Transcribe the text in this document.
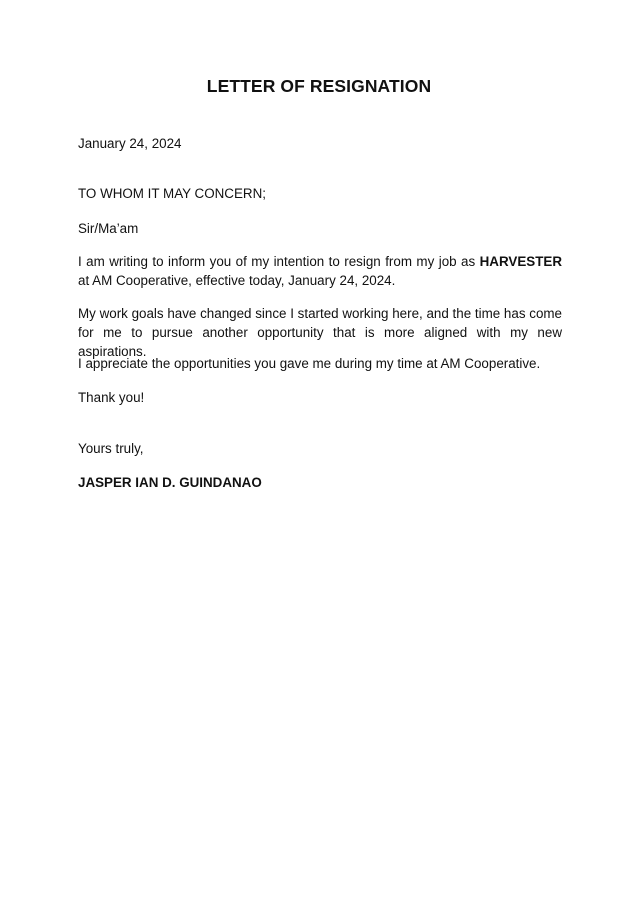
LETTER OF RESIGNATION

January 24, 2024

TO WHOM IT MAY CONCERN;

Sir/Ma’am

I am writing to inform you of my intention to resign from my job as HARVESTER at AM Cooperative, effective today, January 24, 2024.

My work goals have changed since I started working here, and the time has come for me to pursue another opportunity that is more aligned with my new aspirations.

I appreciate the opportunities you gave me during my time at AM Cooperative.

Thank you!

Yours truly,

JASPER IAN D. GUINDANAO
